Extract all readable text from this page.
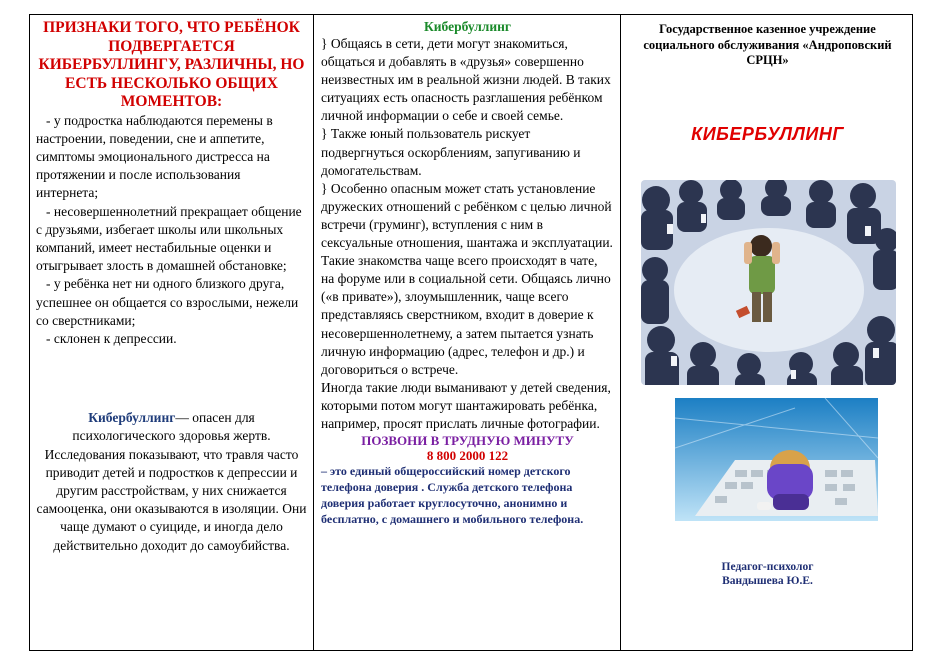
ПРИЗНАКИ ТОГО, ЧТО РЕБЁНОК ПОДВЕРГАЕТСЯ КИБЕРБУЛЛИНГУ, РАЗЛИЧНЫ, НО ЕСТЬ НЕСКОЛЬКО ОБЩИХ МОМЕНТОВ:

- у подростка наблюдаются перемены в настроении, поведении, сне и аппетите, симптомы эмоционального дистресса на протяжении и после использования

интернета;

- несовершеннолетний прекращает общение с друзьями, избегает школы или школьных компаний, имеет нестабильные оценки и отыгрывает злость в домашней обстановке;

- у ребёнка нет ни одного близкого друга, успешнее он общается со взрослыми, нежели со сверстниками;

- склонен к депрессии.

Кибербуллинг— опасен для психологического здоровья жертв. Исследования показывают, что травля часто приводит детей и подростков к депрессии и другим расстройствам, у них снижается самооценка, они оказываются в изоляции. Они чаще думают о суициде, и иногда дело действительно доходит до самоубийства.
Кибербуллинг

} Общаясь в сети, дети могут знакомиться, общаться и добавлять в «друзья» совершенно неизвестных им в реальной жизни людей. В таких ситуациях есть опасность разглашения ребёнком личной информации о себе и своей семье.

} Также юный пользователь рискует подвергнуться оскорблениям, запугиванию и домогательствам.

} Особенно опасным может стать установление дружеских отношений с ребёнком с целью личной встречи (груминг), вступления с ним в сексуальные отношения, шантажа и эксплуатации. Такие знакомства чаще всего происходят в чате, на форуме или в социальной сети. Общаясь лично («в привате»), злоумышленник, чаще всего представляясь сверстником, входит в доверие к несовершеннолетнему, а затем пытается узнать личную информацию (адрес, телефон и др.) и договориться о встрече.

Иногда такие люди выманивают у детей сведения, которыми потом могут шантажировать ребёнка, например, просят прислать личные фотографии.

ПОЗВОНИ В ТРУДНУЮ МИНУТУ
8 800 2000 122

– это единый общероссийский номер детского телефона доверия . Служба детского телефона доверия работает круглосуточно, анонимно и бесплатно, с домашнего и мобильного телефона.

Государственное казенное учреждение социального обслуживания «Андроповский СРЦН»
КИБЕРБУЛЛИНГ
Педагог-психолог
Вандышева Ю.Е.
